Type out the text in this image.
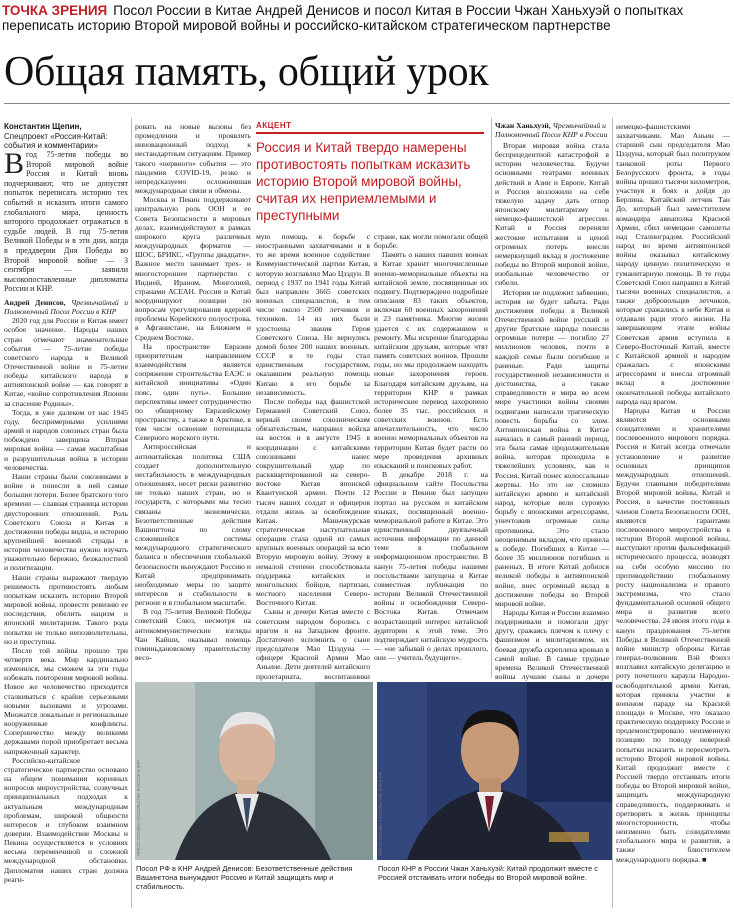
ТОЧКА ЗРЕНИЯ Посол России в Китае Андрей Денисов и посол Китая в России Чжан Ханьхуэй о попытках переписать историю Второй мировой войны и российско-китайском стратегическом партнерстве
Общая память, общий урок
Константин Щепин,
Спецпроект «Россия-Китай: события и комментарии»

Вгод 75-летия победы во Второй мировой войне Россия и Китай вновь подчеркивают, что не допустят попыток переписать историю тех событий и исказить итоги самого глобального мира, ценность которого продолжает отражаться в судьбе людей. В год 75-летия Великой Победы и в эти дни, когда в преддверии Дня Победы во Второй мировой войне — 3 сентября — заявили высокопоставленные дипломаты России и КНР.

Андрей Денисов, Чрезвычайный и Полномочный Посол России в КНР

2020 год для России и Китая имеет особое значение. Народы наших стран отмечают знаменательные события — 75-летие победы советского народа в Великой Отечественной войне и 75-летие победы китайского народа в антияпонской войне — как говорят в Китае, «войне сопротивления Японии за спасение Родины».

Тогда, в уже далеком от нас 1945 году, беспримерными усилиями армий и народов союзных стран была побеждено заверщена Вторая мировая война — самая масштабная и разрушительная война в истории человечества.

Наши страны были союзниками в войне и понесли в ней самые большие потери. Более братского того времени — славная страница истории двусторонних отношений. Роль Советского Союза и Китая в достижении победы видна, и историю крупнейшей военной страды в истории человечества нужно изучать уважительно бережно, безжалостной и политизации.

Наши страны выражают твердую решимость противостоять любым попыткам исказить историю Второй мировой войны, провести ревизию ее последствия, обелить нацизм и японский милитаризм. Такого рода попытки не только непозволительны, но и преступны.

После той войны прошло три четверти века. Мир кардинально изменился, мы сможем за эти годы избежать повторения мировой войны. Новое же человечество приходится сталкиваться с крайне серьезными новыми вызовами и угрозами. Множатся локальные и региональные вооруженные конфликты. Соперничество между великими державами порой приобретает весьма напряженный характер.

Российско-китайское стратегическое партнерство основано на общем понимании коренных вопросов мироустройства, созвучных принципиальных подходах к актуальным международным проблемам, широкой общности интересов и глубоком взаимном доверии. Взаимодействие Москвы и Пекина осуществляется в условиях весьма переменчивой и сложной международной обстановки. Дипломатия наших стран должна реаги-

ровать на новые вызовы без промедления и проявлять инновационный подход к нестандартным ситуациям. Пример такого «нервного» события — это пандемия COVID-19, резко и непредсказуемо осложнившая международные связи и обмены.

Москва и Пекин поддерживают центральную роль ООН и ее Совета Безопасности в мировых делах, взаимодействуют в рамках широкого круга различных международных форматов — ШОС, БРИКС, «Группы двадцати». Важное место занимает трех- и многостороннее партнерство с Индией, Ираном, Монголией, странами АСЕАН. Россия и Китай координируют позиции по вопросам урегулирования ядерной проблемы Корейского полуострова, в Афганистане, на Ближнем и Среднем Востоке.

На пространстве Евразии приоритетным направлением взаимодействия является сопряжение строительства ЕАЭС и китайской инициативы «Один пояс, один путь». Большие перспективы имеет сотрудничество по обширному Евразийскому пространству, а также в Арктике, в том числе освоение потенциала Северного морского пути.

Антироссийская и антикитайская политика США создает дополнительную нестабильность в международных отношениях, несет риски развитию не только наших стран, но и государств, с которыми мы тесно связаны экономически. Безответственные действия Вашингтона по слому сложившейся системы международного стратегического баланса и обеспечения глобальной безопасности вынуждают Россию и Китай предпринимать необходимые меры по защите интересов и стабильности в регионе и в глобальном масштабе.

В год 75-летия Великой Победы советский Союз, несмотря на антикоммунистические взгляды Чан Кайши, оказывал помощь гоминьдановскому правительству весо-

АКЦЕНТ
Россия и Китай твердо намерены противостоять попыткам исказить историю Второй мировой войны, считая их неприемлемыми и преступными

мую помощь в борьбе с иностранными захватчиками и в то же время военное содействие Коммунистической партии Китая, которую возглавлял Мао Цзэдун. В период с 1937 по 1941 годы Китай был направлен 3665 советских военных специалистов, в том числе около 2500 летчиков и техников. 14 из них были удостоены звания Героя Советского Союза. Не вернулись домой более 200 наших военных. СССР в те годы стал единственным государством, оказавшим реальную помощь Китаю в его борьбе за независимость.

После победы над фашистской Германией Советский Союз, верный своим союзническим обязательствам, направил войска на восток и в августе 1945 в координации с китайскими союзниками нанес сокрушительный удар по раскквартированной на северо-востоке Китая японской Квантунской армии. Почти 12 тысяч наших солдат и офицеров отдали жизнь за освобождение Китая. Маньчжурская стратегическая наступательная операция стала одной из самых крупных военных операций за всю Вторую мировую войну. Этому в немалой степени способствовала поддержка китайских и монгольских бойцов, партизан, местного населения Северо-Восточного Китая.

Сыны и дочери Китая вместе с советским народом боролись с врагом и на Западном фронте. Достаточно вспомнить о сыне председателя Мао Цзэдуна — офицере Красной Армии Мао Аньине. Дети деятелей китайского пролетариата, воспитанники

стране, как могли помогали общей борьбе.

Память о наших павших воинах в Китае хранит многочисленные военно-мемориальные объекты на китайской земле, посвященные их подвигу. Подтверждено подробные описания 83 таких объектов, включая 60 военных захоронений и 23 памятника. Многие жизни удается с их содержанием и ремонту. Мы искренне благодарны китайским друзьям, которые чтят память советских воинов. Прошли годы, но мы продолжаем находить новые захоронения героев. Благодаря китайским друзьям, на территории КНР в рамках исторические перевод захоронено более 35 тыс. российских и советских воинов. Есть впечатлительность, что число военно мемориальных объектов на территории Китая будет расти по мере проведения архивных изысканий и поисковых работ.

В декабре 2018 г. на официальном сайте Посольства России в Пекине был запущен портал на русском и китайском языках, посвященный военно-мемориальной работе в Китае. Это единственный двуязычный источник информации по данной теме в глобальном информационном пространстве. В канун 75-летия победы нашими посольствами запущена в Китае совместная публикация по истории Великой Отечественной войны и освобождения Северо-Востока Китая. Отмечаем возрастающий интерес китайской аудитории к этой теме. Это подтверждает китайскую мудрость — «не забывай о делах прошлого, они — учитель будущего».

Чжан Ханьхуэй, Чрезвычайный и Полномочный Посол КНР в России

Вторая мировая война стала беспрецедентной катастрофой в истории человечества. Будучи основными театрами военных действий в Азии и Европе, Китай и Россия возложили на себя тяжелую задачу дать отпор японскому милитаризму и немецко-фашистской агрессии. Китай и Россия переняли жестокие испытания и ценой огромных потерь внесли немеркнущий вклад в достижение победы во Второй мировой войне, изобальные человечество от гибели.

История не подлежит забвению, история не будет забыта. Ради достижения победы в Великой Отечественной войне русский и другие братские народы понесли огромные потери — погибло 27 миллионов человек, почти в каждой семье были погибшие и раненые. Ради защиты государственной независимости и достоинства, а также справедливости и мира во всем мире участники войны своими подвигами написали трагическую повесть борьбы со злом. Антияпонская война в Китае началась в самый ранний период, эта была самая продолжительная война, которая проходила в тяжелейших условиях, как и Россия, Китай понес колоссальные жертвы. Но это не сломило китайскую армию и китайский народ, которые вели суровую борьбу с японскими агрессорами, уничтожив огромные силы противника. Это стало неоценимым вкладом, что привела к победе. Погибших в Китае — более 35 миллионов погибших и раненых. В итоге Китай добился великой победы в антияпонской войне, внес огромный вклад в достижение победы во Второй мировой войне.

Народы Китая и России взаимно поддерживали и помогали друг другу, сражаясь плечом к плечу с фашизмом и милитаризмом, их боевая дружба скреплена кровью в самой войне. В самые трудные времена Великой Отечественной войны лучшие сыны и дочери

немецко-фашистскими захватчиками. Мао Аньин — старший сын председателя Мао Цзэдуна, который был политруком танковой роты Первого Белорусского фронта, в годы войны прошел тысячи километров, участвуя в боях и дойдя до Берлина. Китайский летчик Тан До, который был заместителем командира авиаполка Красной Армии, сбил немецкие самолеты над Сталинградом. Российский народ во время антияпонской войны оказывал китайскому народу ценную политическую и гуманитарную помощь. В те годы Советский Союз направил в Китай тысячи военных специалистов, а также добровольцев летчиков, которые сражались в небе Китая и отдавали ради этого жизни. На завершающем этапе войны Советская армия вступила в Северо-Восточный Китай, вместе с Китайской армией и народом сражалась с японскими агрессорами и внесла огромный вклад в достижение окончательной победы китайского народа над врагом.

Народы Китая и России являются основными созидателями и хранителями послевоенного мирового порядка. Россия и Китай всегда отмечали установление и развитие основных принципов международных отношений. Будучи главными победителями Второй мировой войны, Китай и Россия, в качестве постоянных членов Совета Безопасности ООН, являются гарантами послевоенного мироустройства в истории Второй мировой войны, выступают против фальсификаций исторического процесса, возводят на себя особую миссию по противодействию глобальному росту национализма и правого экстремизма, что стало фундаментальной основой общего мира и развития всего человечества. 24 июня этого года в канун празднования 75-летия Победы в Великой Отечественной войне министр обороны Китая генерал-полковник Вэй Фэнхэ возглавил китайскую делегацию и роту почетного караула Народно-освободительной армии Китая, которая приняла участие в военном параде на Красной площади в Москве, что оказало практическую поддержку России и продемонстрировало неизменную позицию по поводу неверной попытки исказить и пересмотреть историю Второй мировой войны. Китай продолжит вместе с Россией твердо отстаивать итоги победы во Второй мировой войне, защищать международную справедливость, поддерживать и претворять в жизнь принципы многосторонности, чтобы неизменно быть созидателями глобального мира и развития, а также блюстителем международного порядка. ■

ПРЕСС-СЛУЖБА ПОСОЛЬСТВА РОССИИ В КНР	ПРЕСС-СЛУЖБА ПОСОЛЬСТВА КНР В РФ
Посол РФ в КНР Андрей Денисов: Безответственные действия Вашингтона вынуждают Россию и Китай защищать мир и стабильность.
Посол КНР в России Чжан Ханьхуэй: Китай продолжит вместе с Россией отстаивать итоги победы во Второй мировой войне.
